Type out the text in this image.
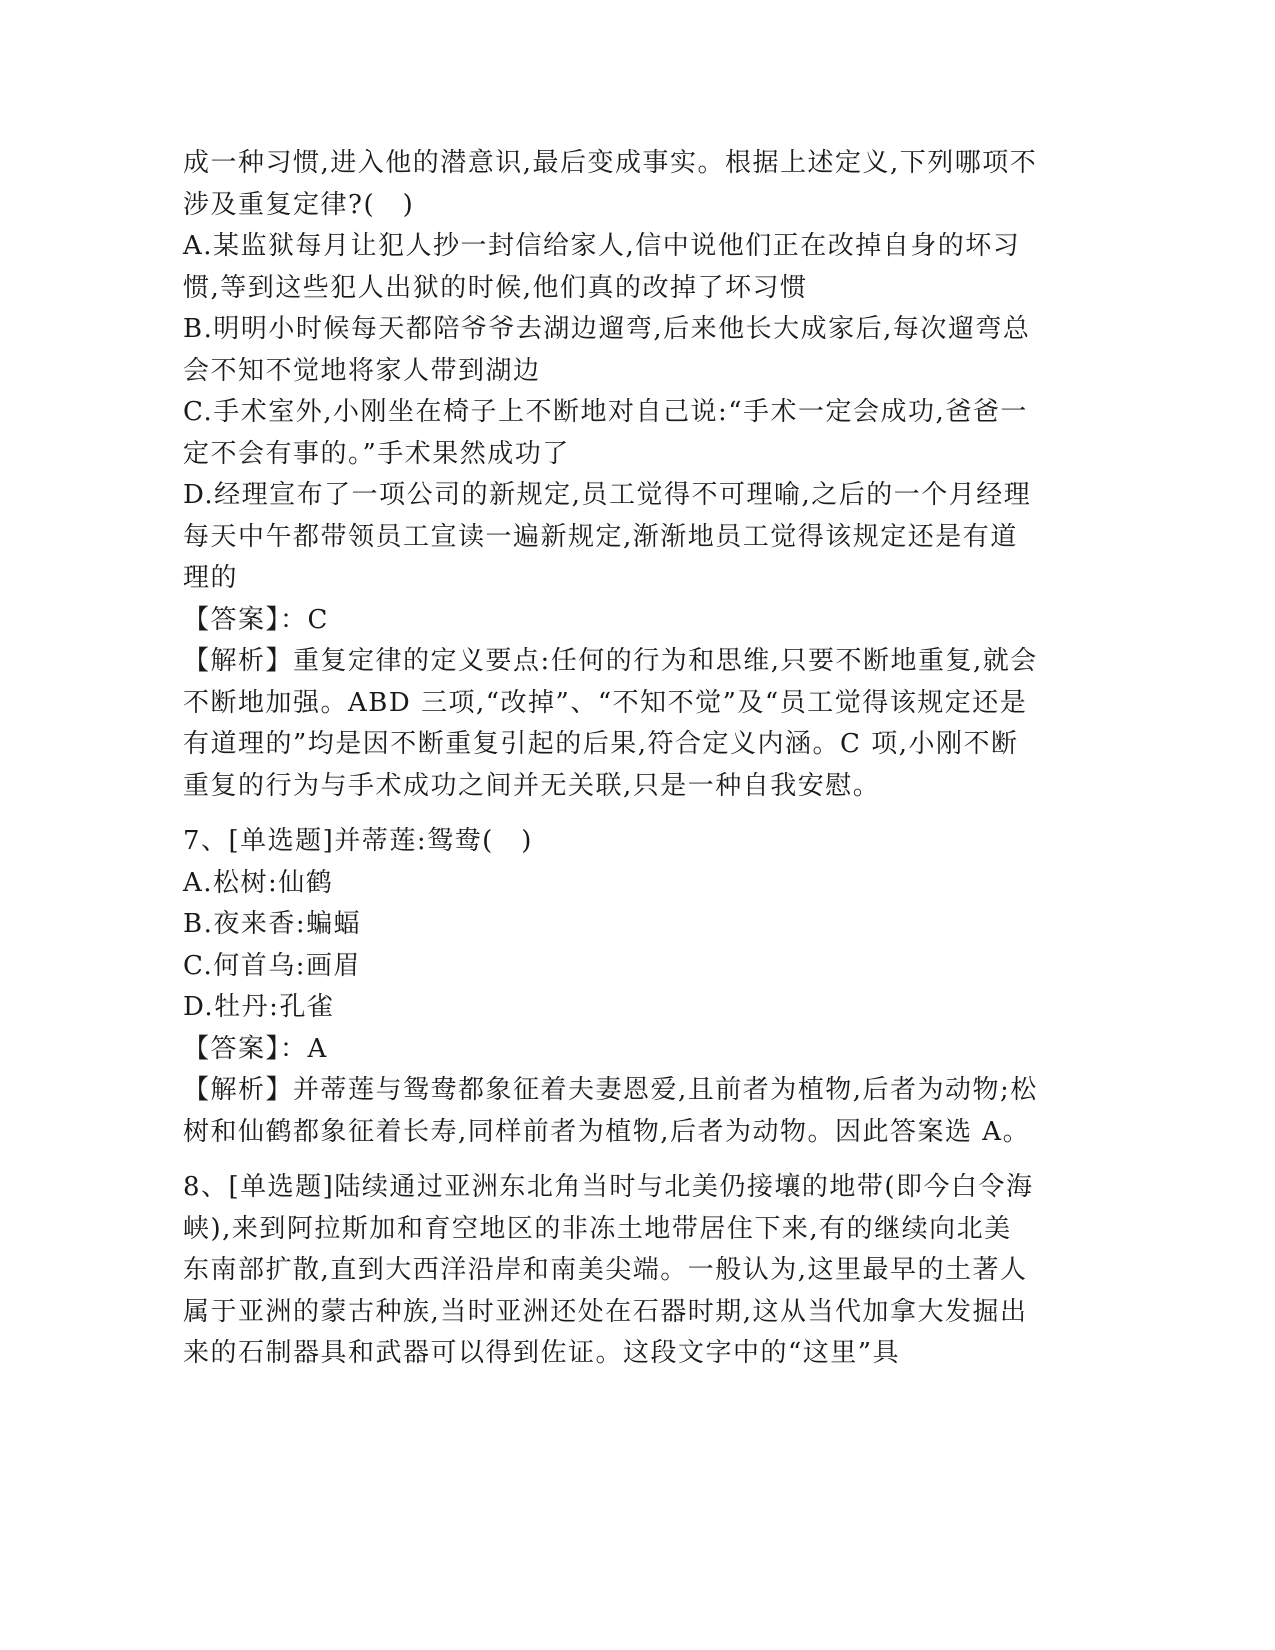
成一种习惯,进入他的潜意识,最后变成事实。根据上述定义,下列哪项不涉及重复定律?(　)

A.某监狱每月让犯人抄一封信给家人,信中说他们正在改掉自身的坏习惯,等到这些犯人出狱的时候,他们真的改掉了坏习惯

B.明明小时候每天都陪爷爷去湖边遛弯,后来他长大成家后,每次遛弯总会不知不觉地将家人带到湖边

C.手术室外,小刚坐在椅子上不断地对自己说:“手术一定会成功,爸爸一定不会有事的。”手术果然成功了

D.经理宣布了一项公司的新规定,员工觉得不可理喻,之后的一个月经理每天中午都带领员工宣读一遍新规定,渐渐地员工觉得该规定还是有道理的

【答案】：C

【解析】重复定律的定义要点:任何的行为和思维,只要不断地重复,就会不断地加强。ABD 三项,“改掉”、“不知不觉”及“员工觉得该规定还是有道理的”均是因不断重复引起的后果,符合定义内涵。C 项,小刚不断重复的行为与手术成功之间并无关联,只是一种自我安慰。

7、[单选题]并蒂莲:鸳鸯(　)

A.松树:仙鹤

B.夜来香:蝙蝠

C.何首乌:画眉

D.牡丹:孔雀

【答案】：A

【解析】并蒂莲与鸳鸯都象征着夫妻恩爱,且前者为植物,后者为动物;松树和仙鹤都象征着长寿,同样前者为植物,后者为动物。因此答案选 A。

8、[单选题]陆续通过亚洲东北角当时与北美仍接壤的地带(即今白令海峡),来到阿拉斯加和育空地区的非冻土地带居住下来,有的继续向北美东南部扩散,直到大西洋沿岸和南美尖端。一般认为,这里最早的土著人属于亚洲的蒙古种族,当时亚洲还处在石器时期,这从当代加拿大发掘出来的石制器具和武器可以得到佐证。这段文字中的“这里”具
